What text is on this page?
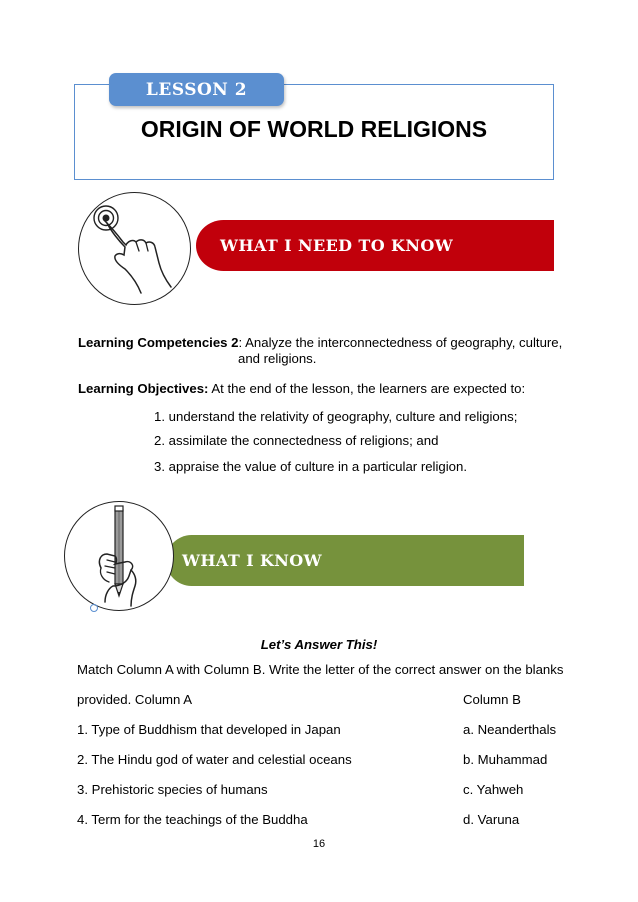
LESSON 2
ORIGIN OF WORLD RELIGIONS
WHAT I NEED TO KNOW
Learning Competencies 2: Analyze the interconnectedness of geography, culture,
and religions.
Learning Objectives: At the end of the lesson, the learners are expected to:
1. understand the relativity of geography, culture and religions;
2. assimilate the connectedness of religions; and
3. appraise the value of culture in a particular religion.
WHAT I KNOW
Let’s Answer This!
Match Column A with Column B. Write the letter of the correct answer on the blanks
provided. Column A	Column B
1. Type of Buddhism that developed in Japan	a. Neanderthals
2. The Hindu god of water and celestial oceans	b. Muhammad
3. Prehistoric species of humans	c. Yahweh
4. Term for the teachings of the Buddha	d. Varuna
16
